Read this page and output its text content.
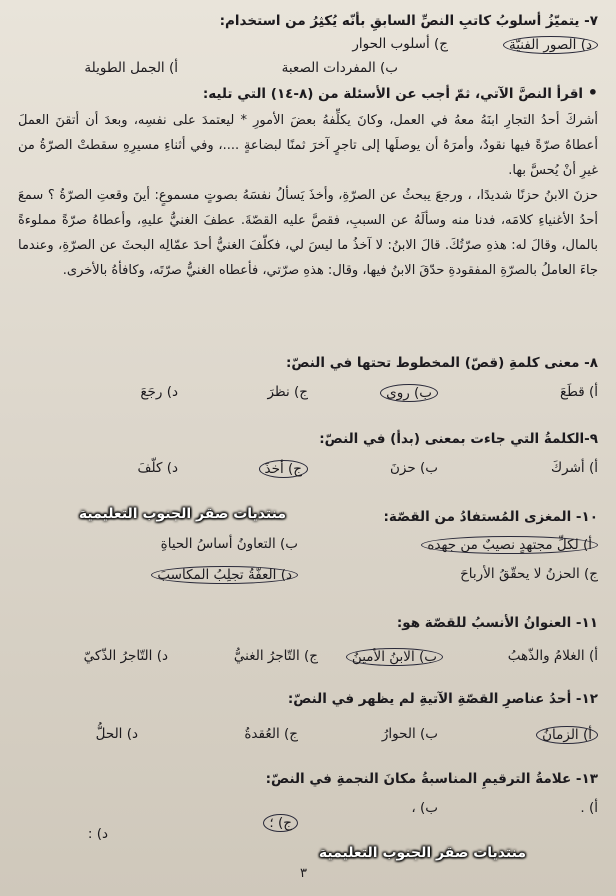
٧- يتميّزُ أسلوبُ كاتبِ النصِّ السابقِ بأنّه يُكثِرُ من استخدام:
د) الصور الفنيّة
ج) أسلوب الحوار
ب) المفردات الصعبة
أ) الجمل الطويلة
• اقرأ النصَّ الآتي، ثمّ أجب عن الأسئلة من (٨-١٤) التي تليه:

أشركَ أحدُ التجارِ ابنَهُ معهُ في العمل، وكانَ يكلِّفهُ بعضَ الأمورِ * ليعتمدَ على نفسِه، وبعدَ أن أتقنَ العملَ أعطاهُ صرّةً فيها نقودٌ، وأمرَهُ أن يوصلَها إلى تاجرٍ آخرَ ثمنًا لبضاعةٍ ....، وفي أثناءِ مسيرِهِ سقطتْ الصرّةُ من غيرِ أنْ يُحسَّ بها.

حزنَ الابنُ حزنًا شديدًا، ، ورجعَ يبحثُ عن الصرّةِ، وأخذَ يَسألُ نفسَهُ بصوتٍ مسموعٍ: أينَ وقعتِ الصرّةُ ؟ سمعَ أحدُ الأغنياءِ كلامَه، فدنا منه وسألَهُ عن السببِ، فقصَّ عليه القصّةَ. عطفَ الغنيُّ عليهِ، وأعطاهُ صرّةً مملوءةً بالمال، وقالَ له: هذهِ صرّتُكَ. قالَ الابنُ: لا آخذُ ما ليسَ لي، فكلّفَ الغنيُّ أحدَ عمّالِه البحثَ عن الصرّةِ، وعندما جاءَ العاملُ بالصرّةِ المفقودةِ حدّقَ الابنُ فيها، وقال: هذهِ صرّتي، فأعطاه الغنيُّ صرّتَه، وكافأهُ بالأخرى.

٨- معنى كلمةِ (قصّ) المخطوط تحتها في النصّ:
أ) قطَعَ
ب) روى
ج) نظرَ
د) رجَعَ
٩-الكلمةُ التي جاءت بمعنى (بدأ) في النصّ:
أ) أشركَ
ب) حزنَ
ج) أخذَ
د) كلّفَ
منتديات صقر الجنوب التعليمية	١٠- المغزى المُستفادُ من القصّة:
أ) لكلِّ مجتهدٍ نصيبٌ من جهده
ب) التعاونُ أساسُ الحياةِ
ج) الحزنُ لا يحقّقُ الأرباحَ
د) العفّةُ تجلِبُ المكاسبَ
١١- العنوانُ الأنسبُ للقصّة هو:
أ) الغلامُ والذّهبُ
ب) الابنُ الأمينُ
ج) التّاجرُ الغنيُّ
د) التّاجرُ الذّكيّ
١٢- أحدُ عناصرِ القصّةِ الآتيةِ لم يظهر في النصّ:
أ) الزمانُ
ب) الحوارُ
ج) العُقدةُ
د) الحلُّ
١٣- علامةُ الترقيمِ المناسبةُ مكانَ النجمةِ في النصّ:
أ) .
ب) ،
ج) ؛
د) :
منتديات صقر الجنوب التعليمية
٣
